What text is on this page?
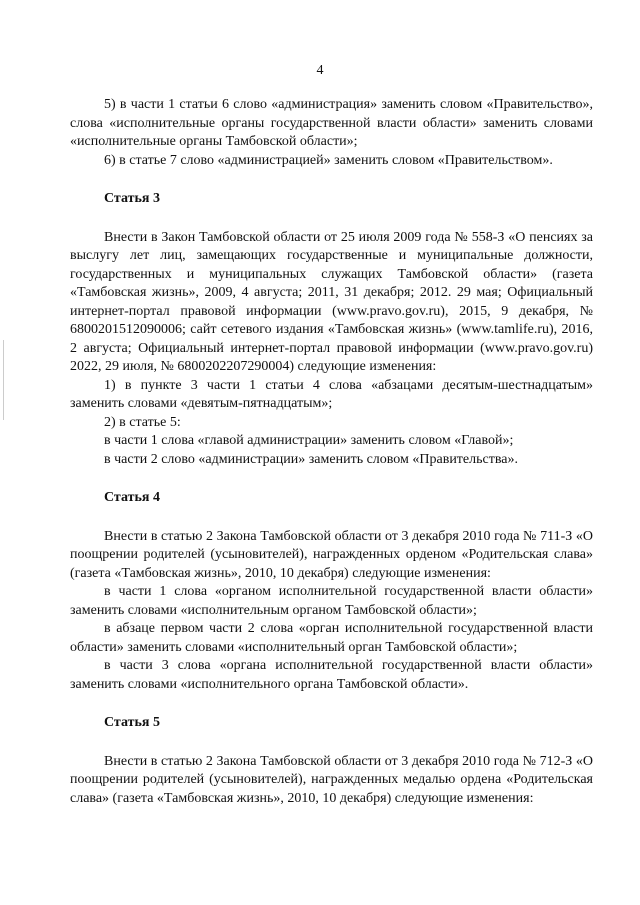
4

5) в части 1 статьи 6 слово «администрация» заменить словом «Правительство», слова «исполнительные органы государственной власти области» заменить словами «исполнительные органы Тамбовской области»;

6) в статье 7 слово «администрацией» заменить словом «Правительством».

Статья 3

Внести в Закон Тамбовской области от 25 июля 2009 года № 558-З «О пенсиях за выслугу лет лиц, замещающих государственные и муниципальные должности, государственных и муниципальных служащих Тамбовской области» (газета «Тамбовская жизнь», 2009, 4 августа; 2011, 31 декабря; 2012. 29 мая; Официальный интернет-портал правовой информации (www.pravo.gov.ru), 2015, 9 декабря, № 6800201512090006; сайт сетевого издания «Тамбовская жизнь» (www.tamlife.ru), 2016, 2 августа; Официальный интернет-портал правовой информации (www.pravo.gov.ru) 2022, 29 июля, № 6800202207290004) следующие изменения:

1) в пункте 3 части 1 статьи 4 слова «абзацами десятым-шестнадцатым» заменить словами «девятым-пятнадцатым»;

2) в статье 5:

в части 1 слова «главой администрации» заменить словом «Главой»;

в части 2 слово «администрации» заменить словом «Правительства».

Статья 4

Внести в статью 2 Закона Тамбовской области от 3 декабря 2010 года № 711-З «О поощрении родителей (усыновителей), награжденных орденом «Родительская слава» (газета «Тамбовская жизнь», 2010, 10 декабря) следующие изменения:

в части 1 слова «органом исполнительной государственной власти области» заменить словами «исполнительным органом Тамбовской области»;

в абзаце первом части 2 слова «орган исполнительной государственной власти области» заменить словами «исполнительный орган Тамбовской области»;

в части 3 слова «органа исполнительной государственной власти области» заменить словами «исполнительного органа Тамбовской области».

Статья 5

Внести в статью 2 Закона Тамбовской области от 3 декабря 2010 года № 712-З «О поощрении родителей (усыновителей), награжденных медалью ордена «Родительская слава» (газета «Тамбовская жизнь», 2010, 10 декабря) следующие изменения:
